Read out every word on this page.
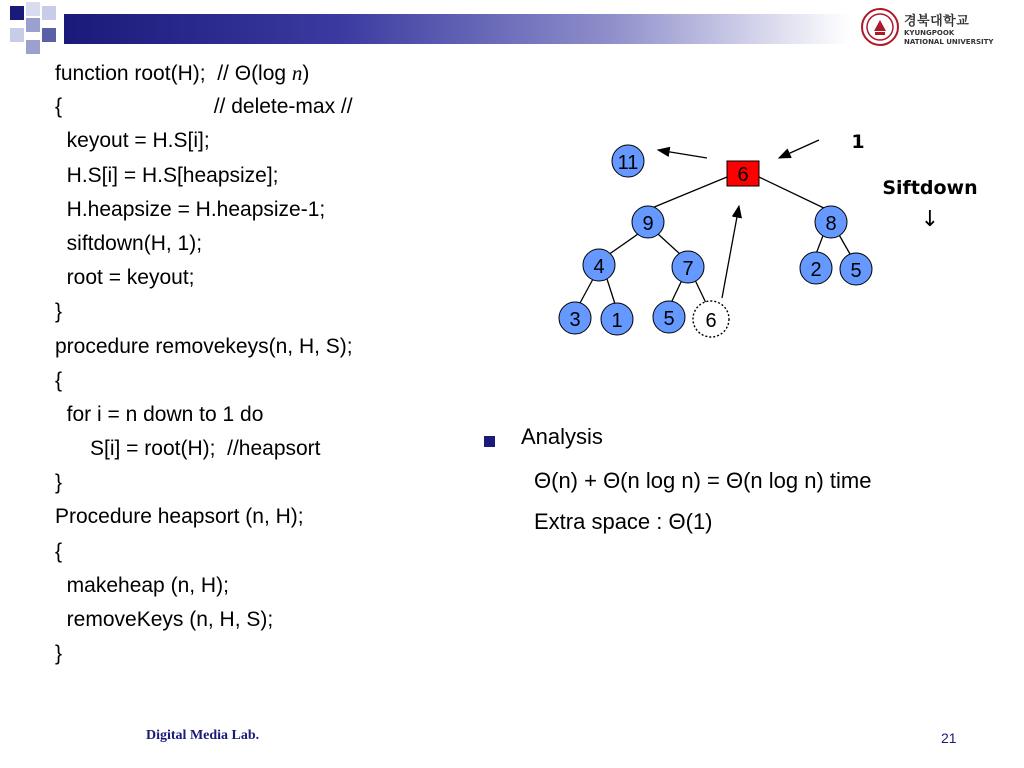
경북대학교
KYUNGPOOK
NATIONAL UNIVERSITY
function root(H);  // Θ(log n)
{                          // delete-max //
keyout = H.S[i];
H.S[i] = H.S[heapsize];
H.heapsize = H.heapsize-1;
siftdown(H, 1);
root = keyout;
}
procedure removekeys(n, H, S);
{
for i = n down to 1 do
S[i] = root(H);  //heapsort
}
Procedure heapsort (n, H);
{
makeheap (n, H);
removeKeys (n, H, S);
}
11
6
9	8
4	7	2 5
3 1 5 6
1
Siftdown
↓
Analysis
Θ(n) + Θ(n log n) = Θ(n log n) time
Extra space : Θ(1)
Digital Media Lab.	21
